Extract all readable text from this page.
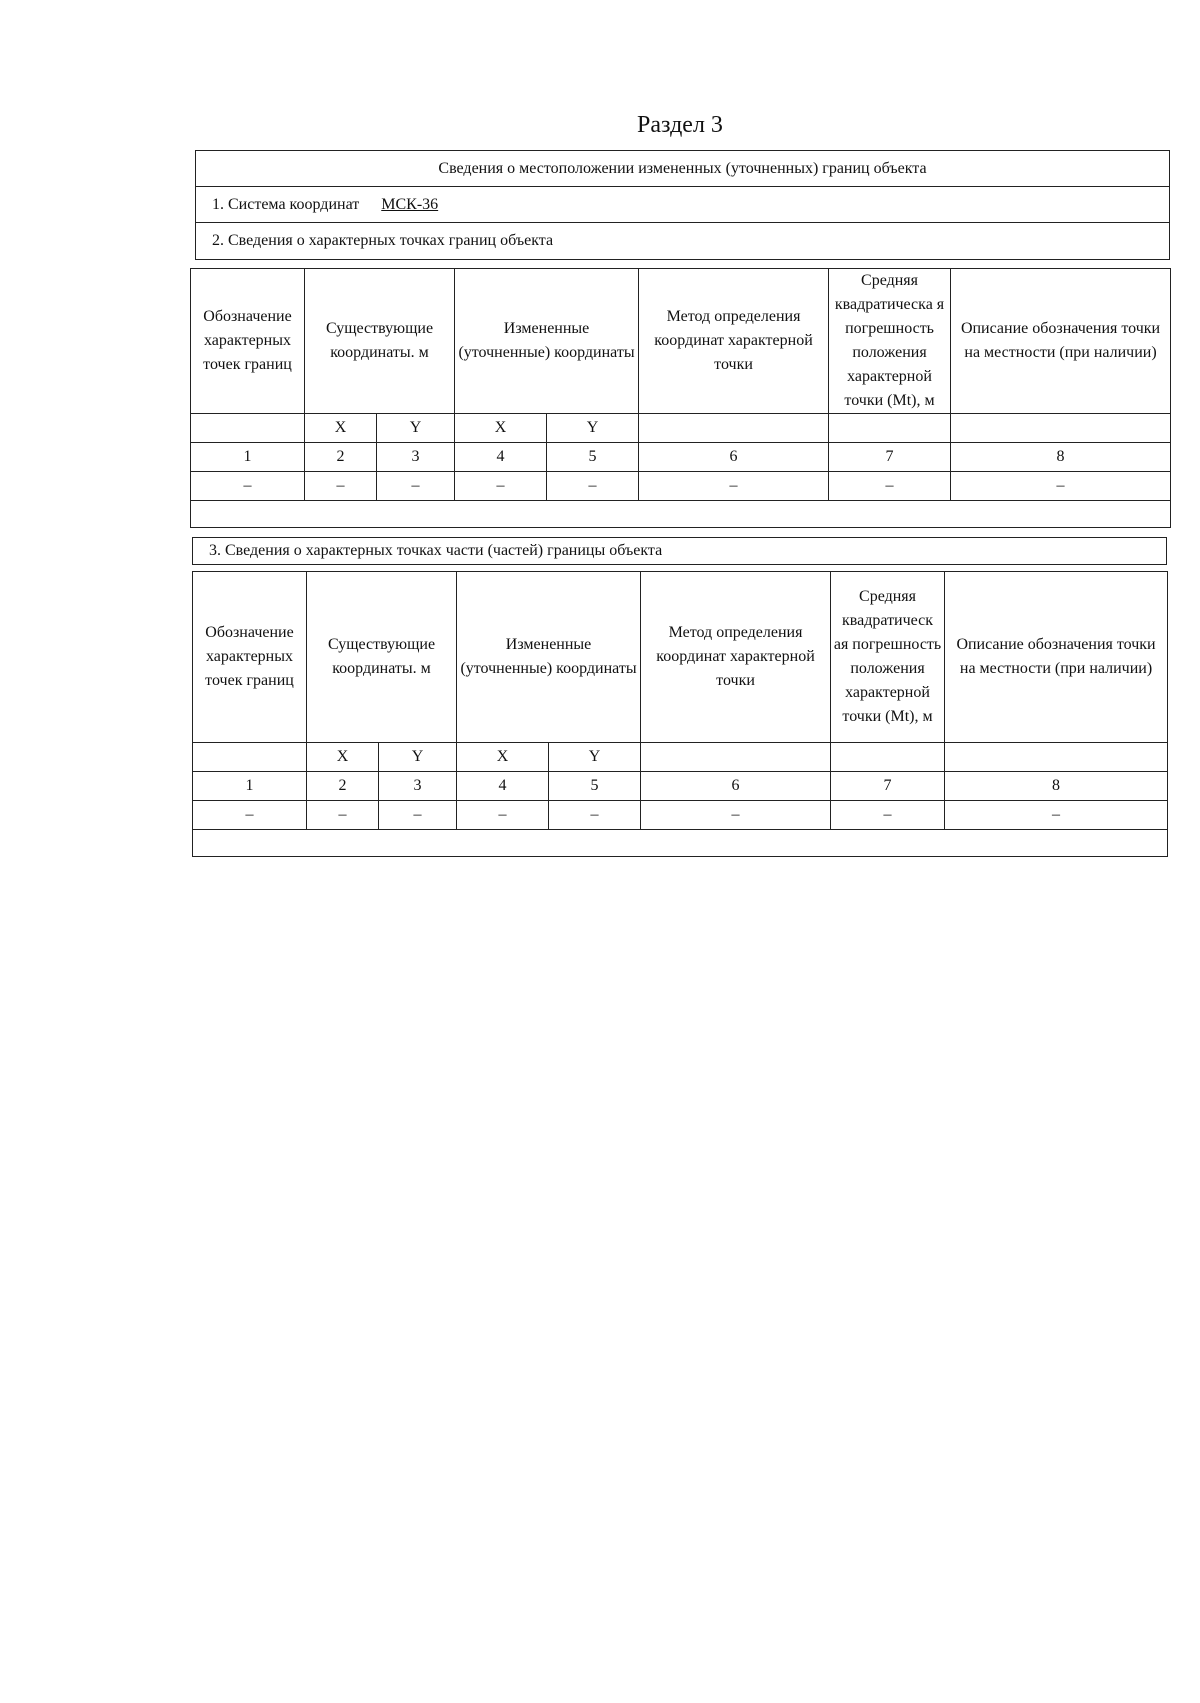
Раздел 3
Сведения о местоположении измененных (уточненных) границ объекта
1. Система координат МСК-36
2. Сведения о характерных точках границ объекта
Обозначение характерных точек границ	Существующие координаты. м		Измененные (уточненные) координаты		Метод определения координат характерной точки	Средняя квадратическа я погрешность положения характерной точки (Mt), м	Описание обозначения точки на местности (при наличии)
	X	Y	X	Y			
1	2	3	4	5	6	7	8
–	–	–	–	–	–	–	–

3. Сведения о характерных точках части (частей) границы объекта
Обозначение характерных точек границ	Существующие координаты. м		Измененные (уточненные) координаты		Метод определения координат характерной точки	Средняя квадратическ ая погрешность положения характерной точки (Mt), м	Описание обозначения точки на местности (при наличии)
	X	Y	X	Y			
1	2	3	4	5	6	7	8
–	–	–	–	–	–	–	–
